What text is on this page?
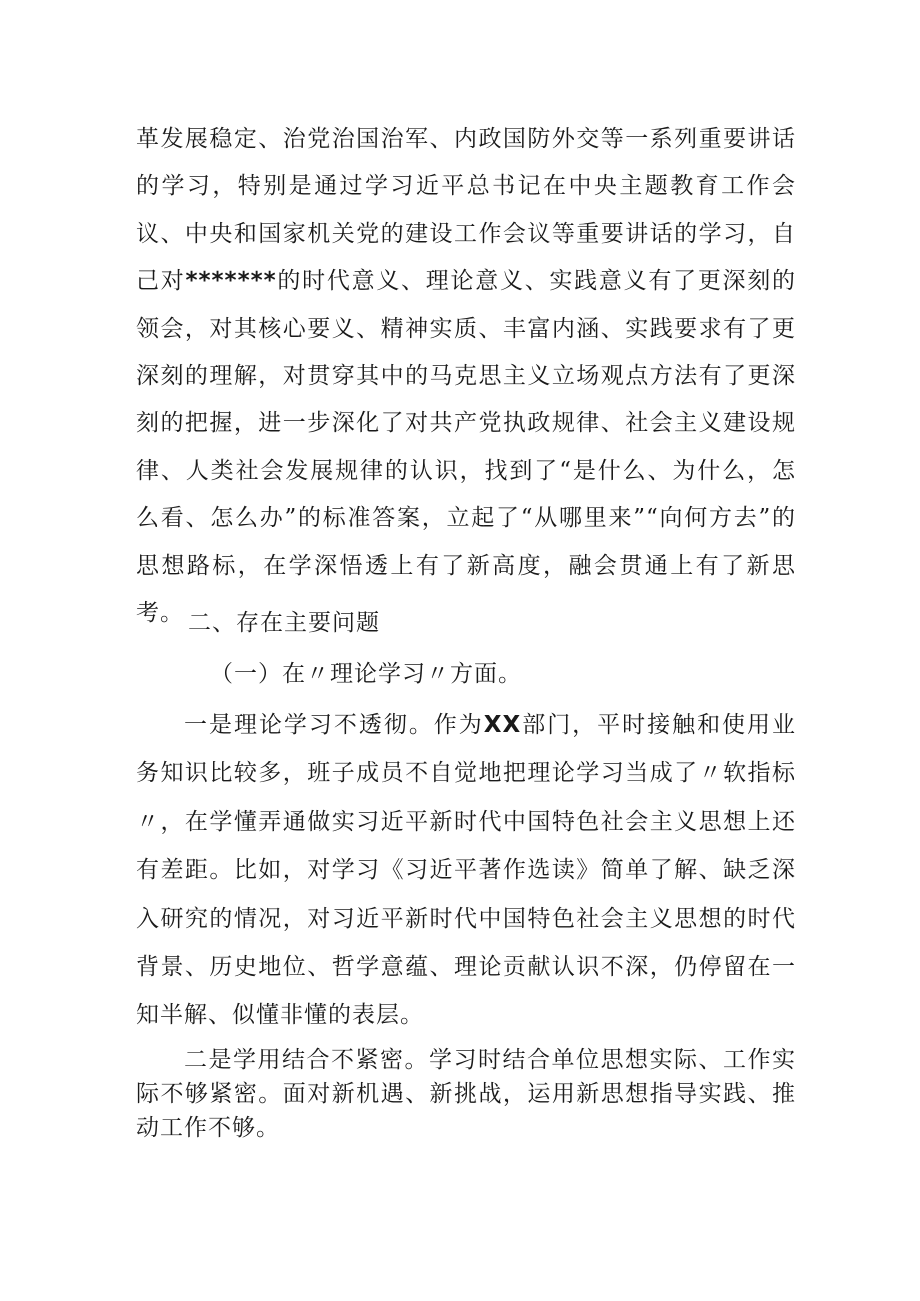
革发展稳定、治党治国治军、内政国防外交等一系列重要讲话的学习，特别是通过学习近平总书记在中央主题教育工作会议、中央和国家机关党的建设工作会议等重要讲话的学习，自己对*******的时代意义、理论意义、实践意义有了更深刻的领会，对其核心要义、精神实质、丰富内涵、实践要求有了更深刻的理解，对贯穿其中的马克思主义立场观点方法有了更深刻的把握，进一步深化了对共产党执政规律、社会主义建设规律、人类社会发展规律的认识，找到了“是什么、为什么，怎么看、怎么办”的标准答案，立起了“从哪里来”“向何方去”的思想路标，在学深悟透上有了新高度，融会贯通上有了新思考。 二、存在主要问题

（一）在〃理论学习〃方面。

一是理论学习不透彻。作为XX部门，平时接触和使用业务知识比较多，班子成员不自觉地把理论学习当成了〃软指标〃，在学懂弄通做实习近平新时代中国特色社会主义思想上还有差距。比如，对学习《习近平著作选读》简单了解、缺乏深入研究的情况，对习近平新时代中国特色社会主义思想的时代背景、历史地位、哲学意蕴、理论贡献认识不深，仍停留在一知半解、似懂非懂的表层。

二是学用结合不紧密。学习时结合单位思想实际、工作实际不够紧密。面对新机遇、新挑战，运用新思想指导实践、推动工作不够。
